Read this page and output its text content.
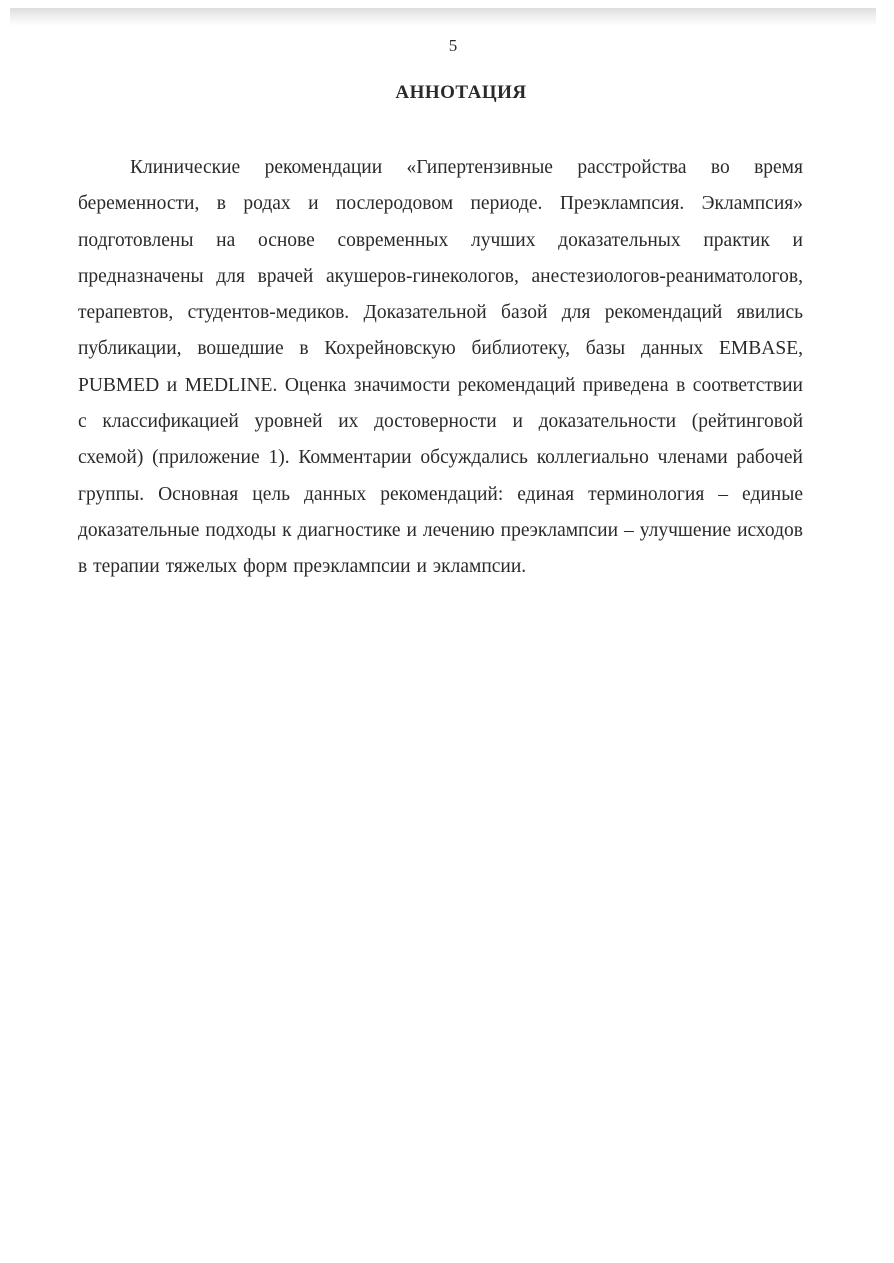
5
АННОТАЦИЯ

Клинические рекомендации «Гипертензивные расстройства во время беременности, в родах и послеродовом периоде. Преэклампсия. Эклампсия» подготовлены на основе современных лучших доказательных практик и предназначены для врачей акушеров-гинекологов, анестезиологов-реаниматологов, терапевтов, студентов-медиков. Доказательной базой для рекомендаций явились публикации, вошедшие в Кохрейновскую библиотеку, базы данных EMBASE, PUBMED и MEDLINE. Оценка значимости рекомендаций приведена в соответствии с классификацией уровней их достоверности и доказательности (рейтинговой схемой) (приложение 1). Комментарии обсуждались коллегиально членами рабочей группы. Основная цель данных рекомендаций: единая терминология – единые доказательные подходы к диагностике и лечению преэклампсии – улучшение исходов в терапии тяжелых форм преэклампсии и эклампсии.
